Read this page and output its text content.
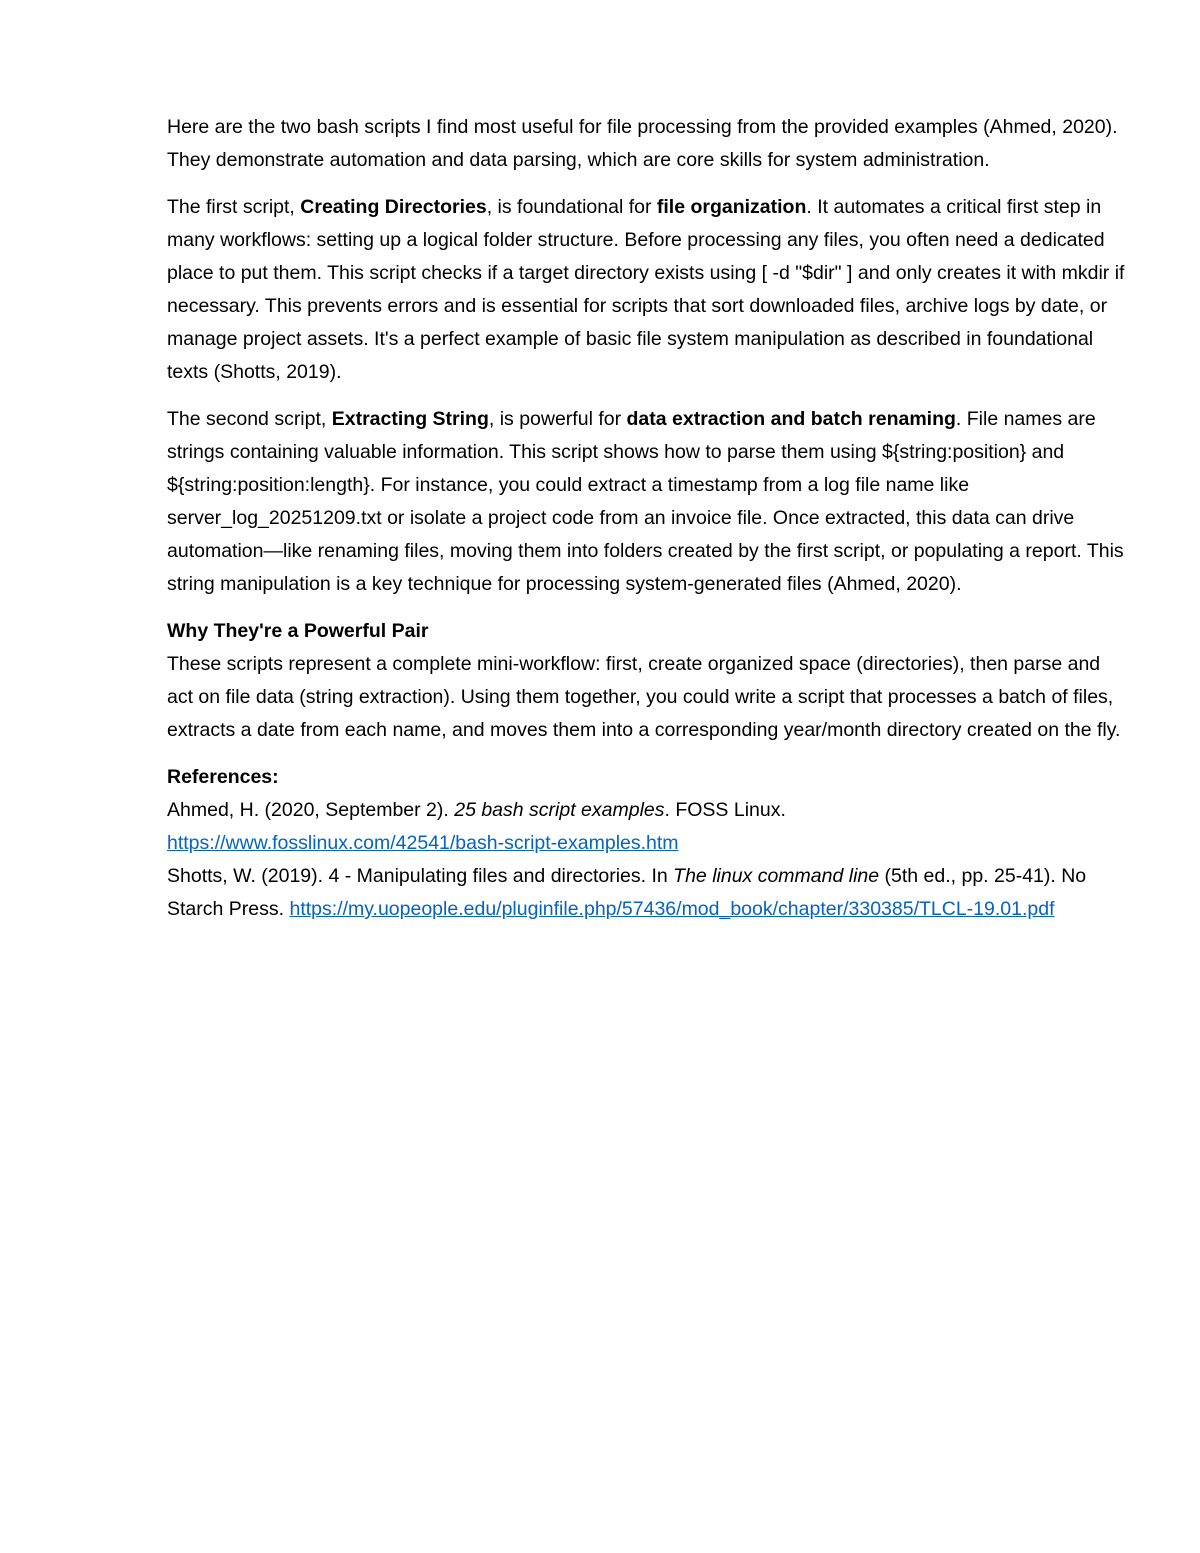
Here are the two bash scripts I find most useful for file processing from the provided examples (Ahmed, 2020). They demonstrate automation and data parsing, which are core skills for system administration.

The first script, Creating Directories, is foundational for file organization. It automates a critical first step in many workflows: setting up a logical folder structure. Before processing any files, you often need a dedicated place to put them. This script checks if a target directory exists using [ -d "$dir" ] and only creates it with mkdir if necessary. This prevents errors and is essential for scripts that sort downloaded files, archive logs by date, or manage project assets. It's a perfect example of basic file system manipulation as described in foundational texts (Shotts, 2019).

The second script, Extracting String, is powerful for data extraction and batch renaming. File names are strings containing valuable information. This script shows how to parse them using ${string:position} and ${string:position:length}. For instance, you could extract a timestamp from a log file name like server_log_20251209.txt or isolate a project code from an invoice file. Once extracted, this data can drive automation—like renaming files, moving them into folders created by the first script, or populating a report. This string manipulation is a key technique for processing system-generated files (Ahmed, 2020).

Why They're a Powerful Pair

These scripts represent a complete mini-workflow: first, create organized space (directories), then parse and act on file data (string extraction). Using them together, you could write a script that processes a batch of files, extracts a date from each name, and moves them into a corresponding year/month directory created on the fly.

References:

Ahmed, H. (2020, September 2). 25 bash script examples. FOSS Linux. https://www.fosslinux.com/42541/bash-script-examples.htm

Shotts, W. (2019). 4 - Manipulating files and directories. In The linux command line (5th ed., pp. 25-41). No Starch Press. https://my.uopeople.edu/pluginfile.php/57436/mod_book/chapter/330385/TLCL-19.01.pdf
